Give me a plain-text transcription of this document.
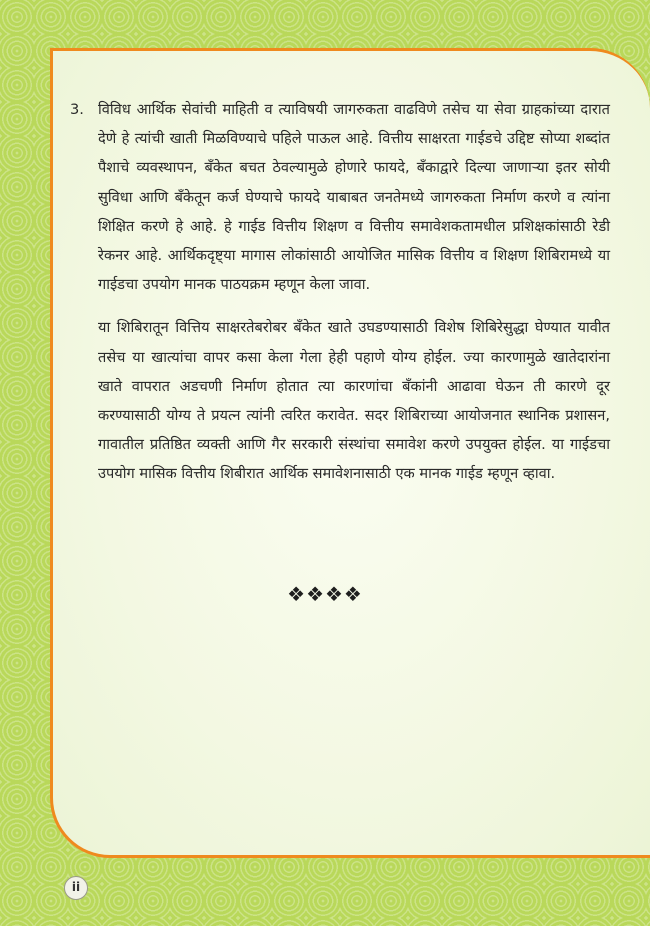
3. विविध आर्थिक सेवांची माहिती व त्याविषयी जागरुकता वाढविणे तसेच या सेवा ग्राहकांच्या दारात देणे हे त्यांची खाती मिळविण्याचे पहिले पाऊल आहे. वित्तीय साक्षरता गाईडचे उद्दिष्ट सोप्या शब्दांत पैशाचे व्यवस्थापन, बँकेत बचत ठेवल्यामुळे होणारे फायदे, बँकाद्वारे दिल्या जाणाऱ्या इतर सोयी सुविधा आणि बँकेतून कर्ज घेण्याचे फायदे याबाबत जनतेमध्ये जागरुकता निर्माण करणे व त्यांना शिक्षित करणे हे आहे. हे गाईड वित्तीय शिक्षण व वित्तीय समावेशकतामधील प्रशिक्षकांसाठी रेडी रेकनर आहे. आर्थिकदृष्ट्या मागास लोकांसाठी आयोजित मासिक वित्तीय व शिक्षण शिबिरामध्ये या गाईडचा उपयोग मानक पाठयक्रम म्हणून केला जावा.
या शिबिरातून वित्तिय साक्षरतेबरोबर बँकेत खाते उघडण्यासाठी विशेष शिबिरेसुद्धा घेण्यात यावीत तसेच या खात्यांचा वापर कसा केला गेला हेही पहाणे योग्य होईल. ज्या कारणामुळे खातेदारांना खाते वापरात अडचणी निर्माण होतात त्या कारणांचा बँकांनी आढावा घेऊन ती कारणे दूर करण्यासाठी योग्य ते प्रयत्न त्यांनी त्वरित करावेत. सदर शिबिराच्या आयोजनात स्थानिक प्रशासन, गावातील प्रतिष्ठित व्यक्ती आणि गैर सरकारी संस्थांचा समावेश करणे उपयुक्त होईल. या गाईडचा उपयोग मासिक वित्तीय शिबीरात आर्थिक समावेशनासाठी एक मानक गाईड म्हणून व्हावा.
❖❖❖❖
ii
